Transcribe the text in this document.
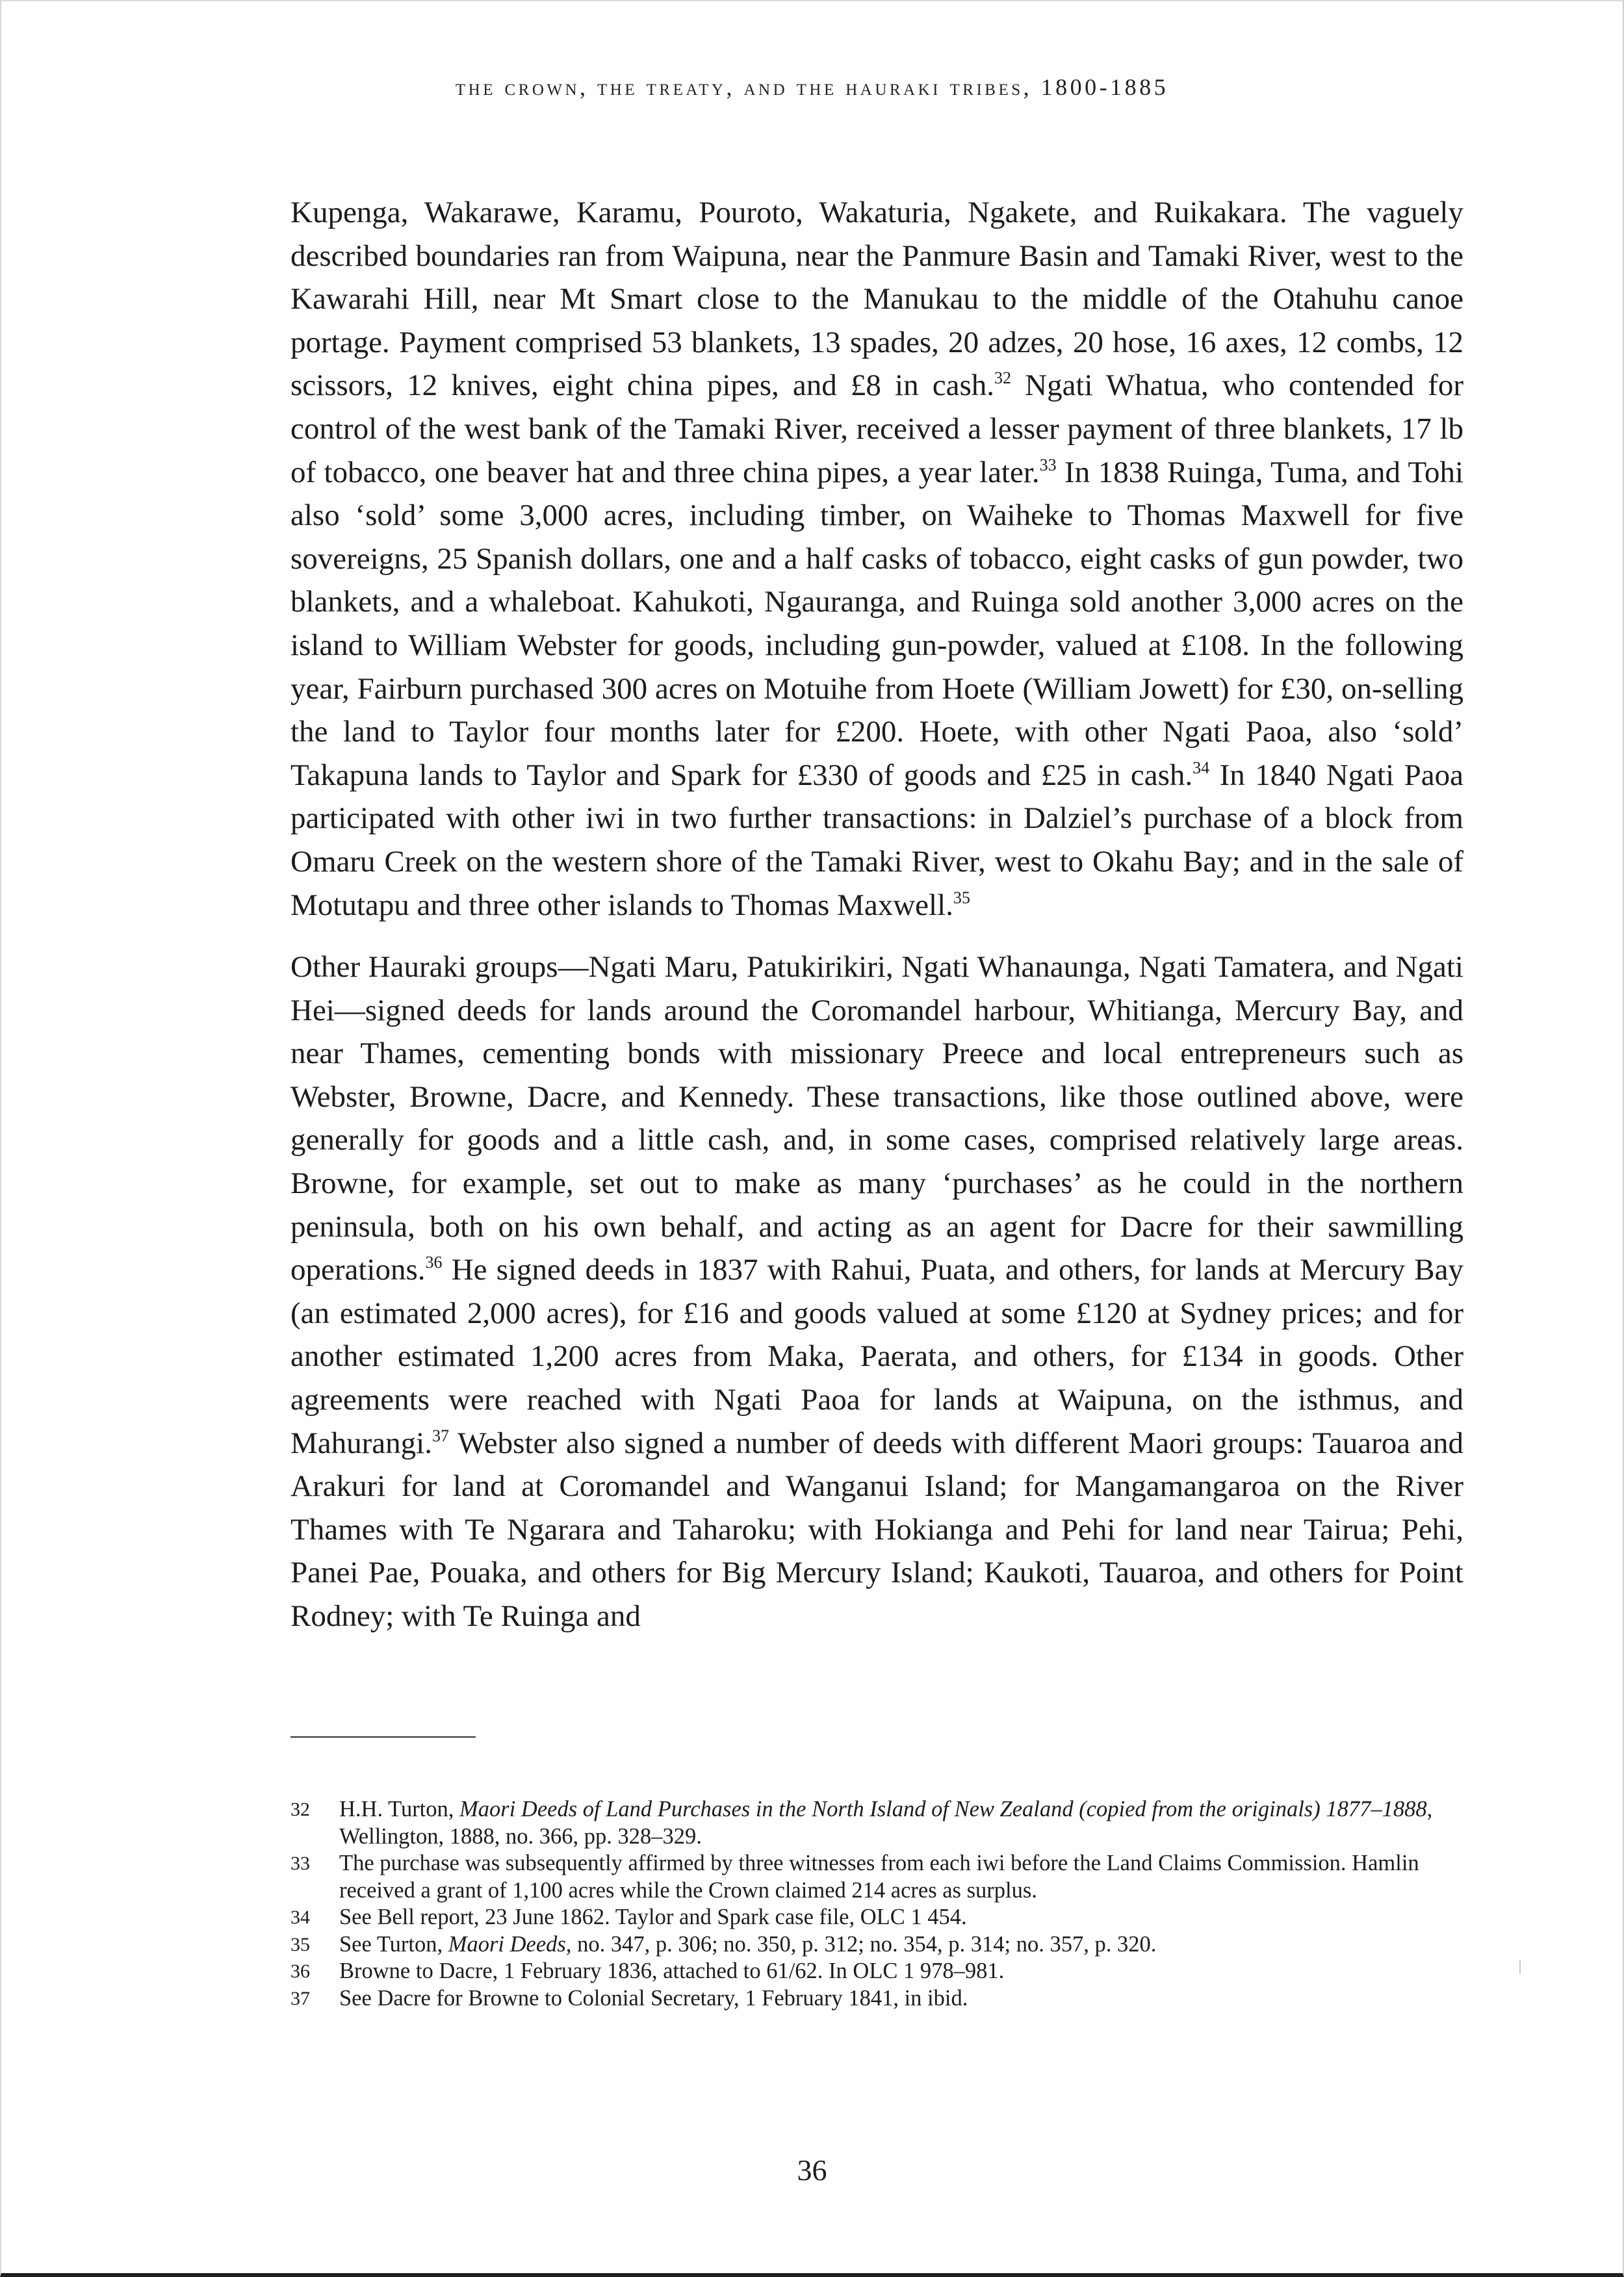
the crown, the treaty, and the hauraki tribes, 1800-1885

Kupenga, Wakarawe, Karamu, Pouroto, Wakaturia, Ngakete, and Ruikakara. The vaguely described boundaries ran from Waipuna, near the Panmure Basin and Tamaki River, west to the Kawarahi Hill, near Mt Smart close to the Manukau to the middle of the Otahuhu canoe portage. Payment comprised 53 blankets, 13 spades, 20 adzes, 20 hose, 16 axes, 12 combs, 12 scissors, 12 knives, eight china pipes, and £8 in cash.$^{32}$ Ngati Whatua, who contended for control of the west bank of the Tamaki River, received a lesser payment of three blankets, 17 lb of tobacco, one beaver hat and three china pipes, a year later.$^{33}$ In 1838 Ruinga, Tuma, and Tohi also ‘sold’ some 3,000 acres, including timber, on Waiheke to Thomas Maxwell for five sovereigns, 25 Spanish dollars, one and a half casks of tobacco, eight casks of gun powder, two blankets, and a whaleboat. Kahukoti, Ngauranga, and Ruinga sold another 3,000 acres on the island to William Webster for goods, including gun-powder, valued at £108. In the following year, Fairburn purchased 300 acres on Motuihe from Hoete (William Jowett) for £30, on-selling the land to Taylor four months later for £200. Hoete, with other Ngati Paoa, also ‘sold’ Takapuna lands to Taylor and Spark for £330 of goods and £25 in cash.$^{34}$ In 1840 Ngati Paoa participated with other iwi in two further transactions: in Dalziel’s purchase of a block from Omaru Creek on the western shore of the Tamaki River, west to Okahu Bay; and in the sale of Motutapu and three other islands to Thomas Maxwell.$^{35}$

Other Hauraki groups—Ngati Maru, Patukirikiri, Ngati Whanaunga, Ngati Tamatera, and Ngati Hei—signed deeds for lands around the Coromandel harbour, Whitianga, Mercury Bay, and near Thames, cementing bonds with missionary Preece and local entrepreneurs such as Webster, Browne, Dacre, and Kennedy. These transactions, like those outlined above, were generally for goods and a little cash, and, in some cases, comprised relatively large areas. Browne, for example, set out to make as many ‘purchases’ as he could in the northern peninsula, both on his own behalf, and acting as an agent for Dacre for their sawmilling operations.$^{36}$ He signed deeds in 1837 with Rahui, Puata, and others, for lands at Mercury Bay (an estimated 2,000 acres), for £16 and goods valued at some £120 at Sydney prices; and for another estimated 1,200 acres from Maka, Paerata, and others, for £134 in goods. Other agreements were reached with Ngati Paoa for lands at Waipuna, on the isthmus, and Mahurangi.$^{37}$ Webster also signed a number of deeds with different Maori groups: Tauaroa and Arakuri for land at Coromandel and Wanganui Island; for Mangamangaroa on the River Thames with Te Ngarara and Taharoku; with Hokianga and Pehi for land near Tairua; Pehi, Panei Pae, Pouaka, and others for Big Mercury Island; Kaukoti, Tauaroa, and others for Point Rodney; with Te Ruinga and

32	H.H. Turton, Maori Deeds of Land Purchases in the North Island of New Zealand (copied from the originals) 1877–1888, Wellington, 1888, no. 366, pp. 328–329.
33	The purchase was subsequently affirmed by three witnesses from each iwi before the Land Claims Commission. Hamlin received a grant of 1,100 acres while the Crown claimed 214 acres as surplus.
34	See Bell report, 23 June 1862. Taylor and Spark case file, OLC 1 454.
35	See Turton, Maori Deeds, no. 347, p. 306; no. 350, p. 312; no. 354, p. 314; no. 357, p. 320.
36	Browne to Dacre, 1 February 1836, attached to 61/62. In OLC 1 978–981.
37	See Dacre for Browne to Colonial Secretary, 1 February 1841, in ibid.
36
